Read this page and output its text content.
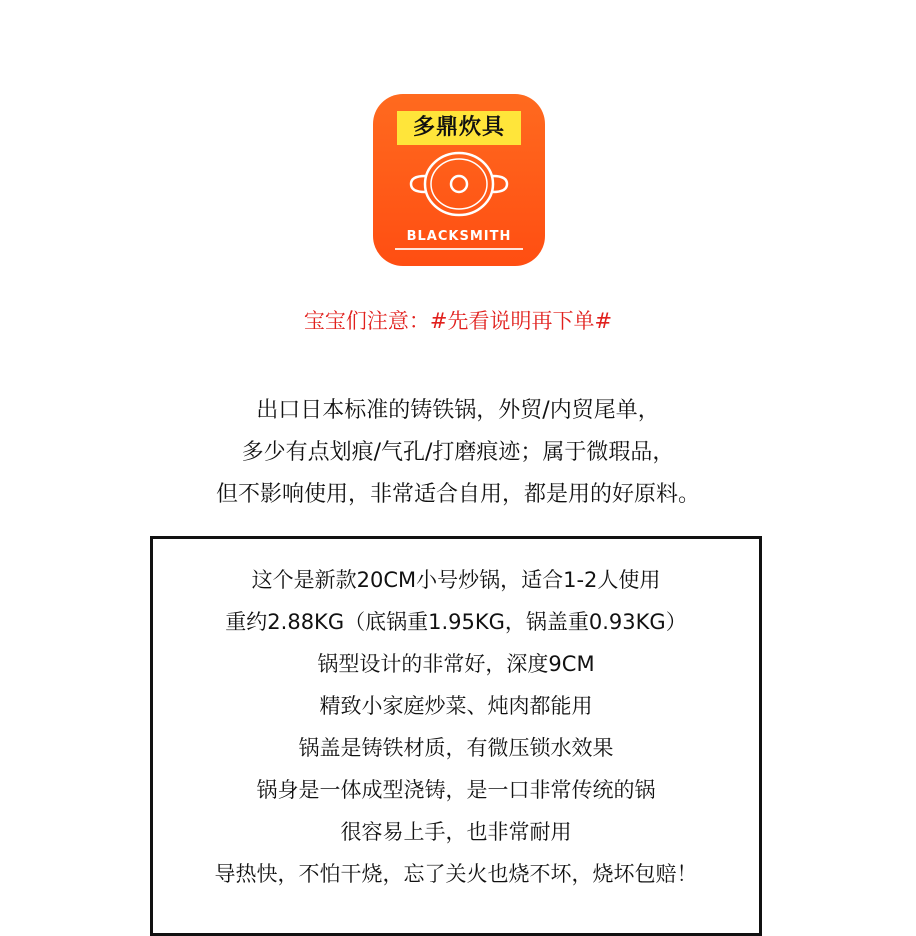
多鼎炊具
BLACKSMITH
宝宝们注意：#先看说明再下单#
出口日本标准的铸铁锅，外贸/内贸尾单，
多少有点划痕/气孔/打磨痕迹；属于微瑕品，
但不影响使用，非常适合自用，都是用的好原料。
这个是新款20CM小号炒锅，适合1-2人使用
重约2.88KG（底锅重1.95KG，锅盖重0.93KG）
锅型设计的非常好，深度9CM
精致小家庭炒菜、炖肉都能用
锅盖是铸铁材质，有微压锁水效果
锅身是一体成型浇铸，是一口非常传统的锅
很容易上手，也非常耐用
导热快，不怕干烧，忘了关火也烧不坏，烧坏包赔！
